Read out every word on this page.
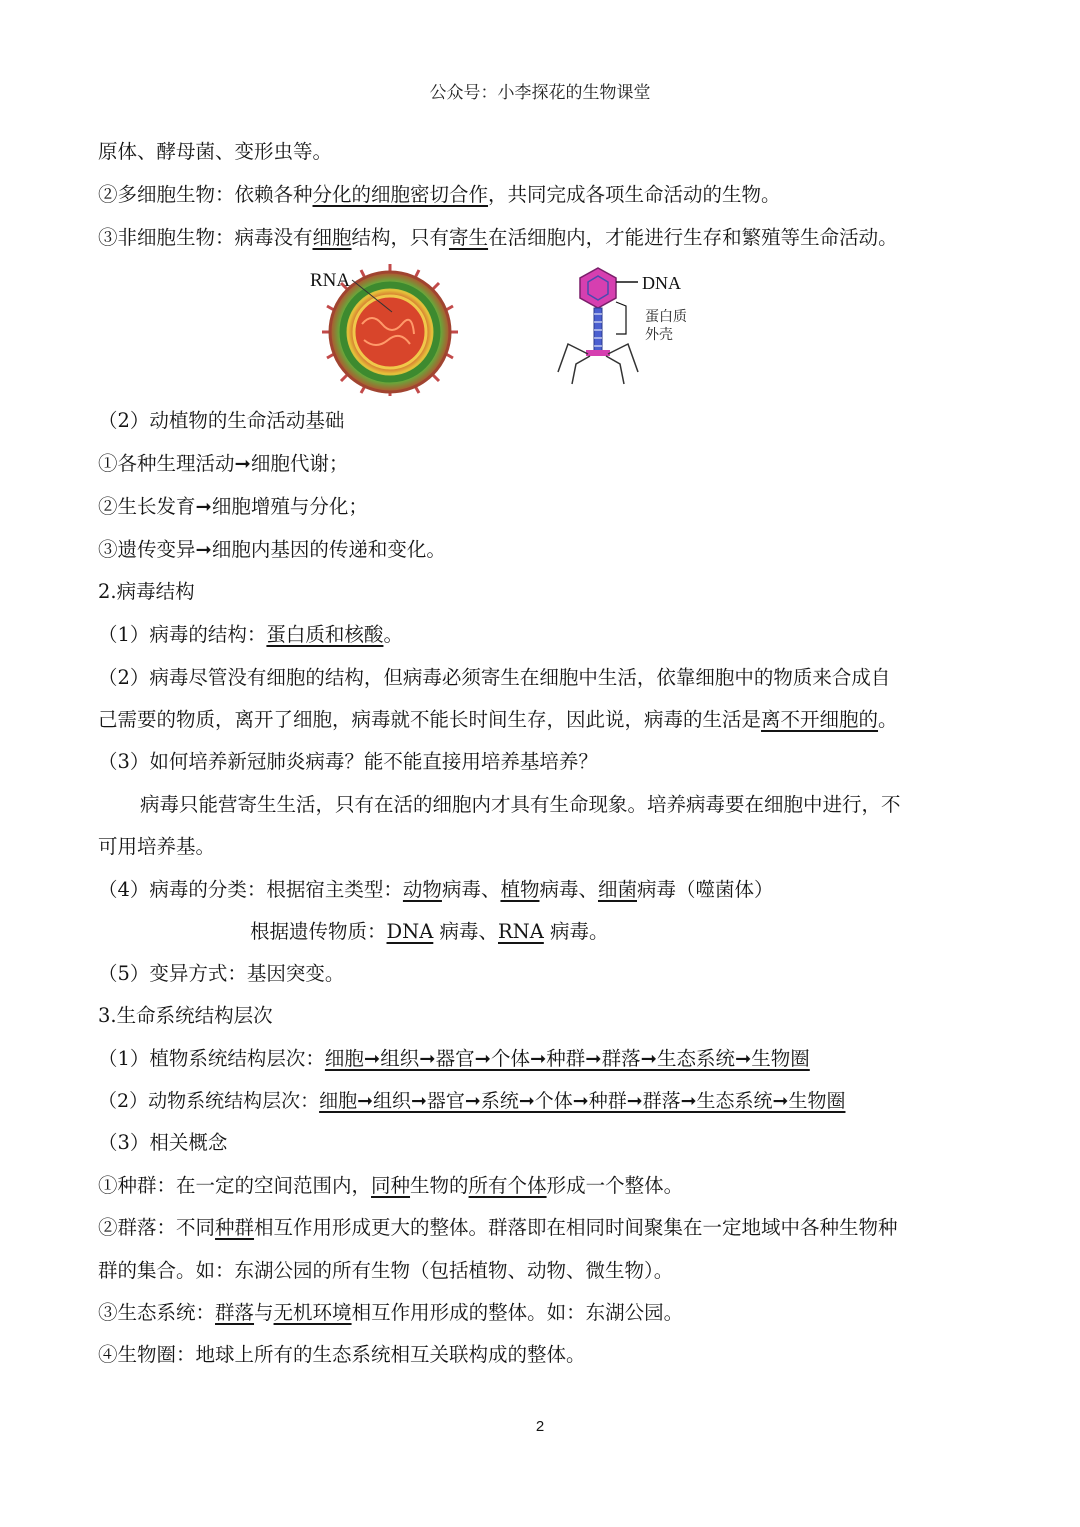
公众号：小李探花的生物课堂
原体、酵母菌、变形虫等。
②多细胞生物：依赖各种分化的细胞密切合作，共同完成各项生命活动的生物。
③非细胞生物：病毒没有细胞结构，只有寄生在活细胞内，才能进行生存和繁殖等生命活动。
RNA	DNA
蛋白质
外壳
（2）动植物的生命活动基础
①各种生理活动➞细胞代谢；
②生长发育➞细胞增殖与分化；
③遗传变异➞细胞内基因的传递和变化。
2.病毒结构
（1）病毒的结构：蛋白质和核酸。
（2）病毒尽管没有细胞的结构，但病毒必须寄生在细胞中生活，依靠细胞中的物质来合成自
己需要的物质，离开了细胞，病毒就不能长时间生存，因此说，病毒的生活是离不开细胞的。
（3）如何培养新冠肺炎病毒？能不能直接用培养基培养？
病毒只能营寄生生活，只有在活的细胞内才具有生命现象。培养病毒要在细胞中进行，不
可用培养基。
（4）病毒的分类：根据宿主类型：动物病毒、植物病毒、细菌病毒（噬菌体）
根据遗传物质：DNA 病毒、RNA 病毒。
（5）变异方式：基因突变。
3.生命系统结构层次
（1）植物系统结构层次：细胞➞组织➞器官➞个体➞种群➞群落➞生态系统➞生物圈
（2）动物系统结构层次：细胞➞组织➞器官➞系统➞个体➞种群➞群落➞生态系统➞生物圈
（3）相关概念
①种群：在一定的空间范围内，同种生物的所有个体形成一个整体。
②群落：不同种群相互作用形成更大的整体。群落即在相同时间聚集在一定地域中各种生物种
群的集合。如：东湖公园的所有生物（包括植物、动物、微生物）。
③生态系统：群落与无机环境相互作用形成的整体。如：东湖公园。
④生物圈：地球上所有的生态系统相互关联构成的整体。
2
